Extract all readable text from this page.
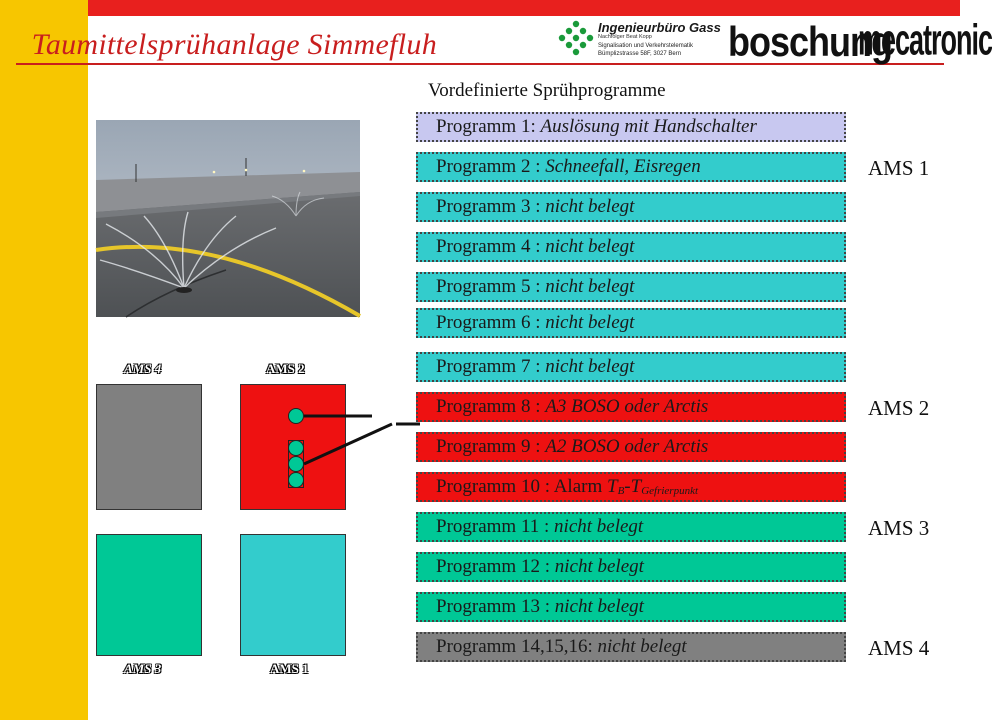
Taumittelsprühanlage Simmefluh
Ingenieurbüro Gass
Nachfolger Beat Kopp
Signalisation und Verkehrstelematik
Bümplizstrasse 58F, 3027 Bern boschung
mecatronic
Vordefinierte Sprühprogramme
Programm 1: Auslösung mit Handschalter
Programm 2 : Schneefall, Eisregen
Programm 3 : nicht belegt
Programm 4 : nicht belegt
Programm 5 : nicht belegt
Programm 6 : nicht belegt
Programm 7 : nicht belegt
Programm 8 : A3 BOSO oder Arctis
Programm 9 : A2 BOSO oder Arctis
Programm 10 : Alarm $T_B-T_{Gefrierpunkt}$
Programm 11 : nicht belegt
Programm 12 : nicht belegt
Programm 13 : nicht belegt
Programm 14,15,16: nicht belegt
AMS 1
AMS 2
AMS 3
AMS 4
AMS 4	AMS 2
AMS 3	AMS 1
